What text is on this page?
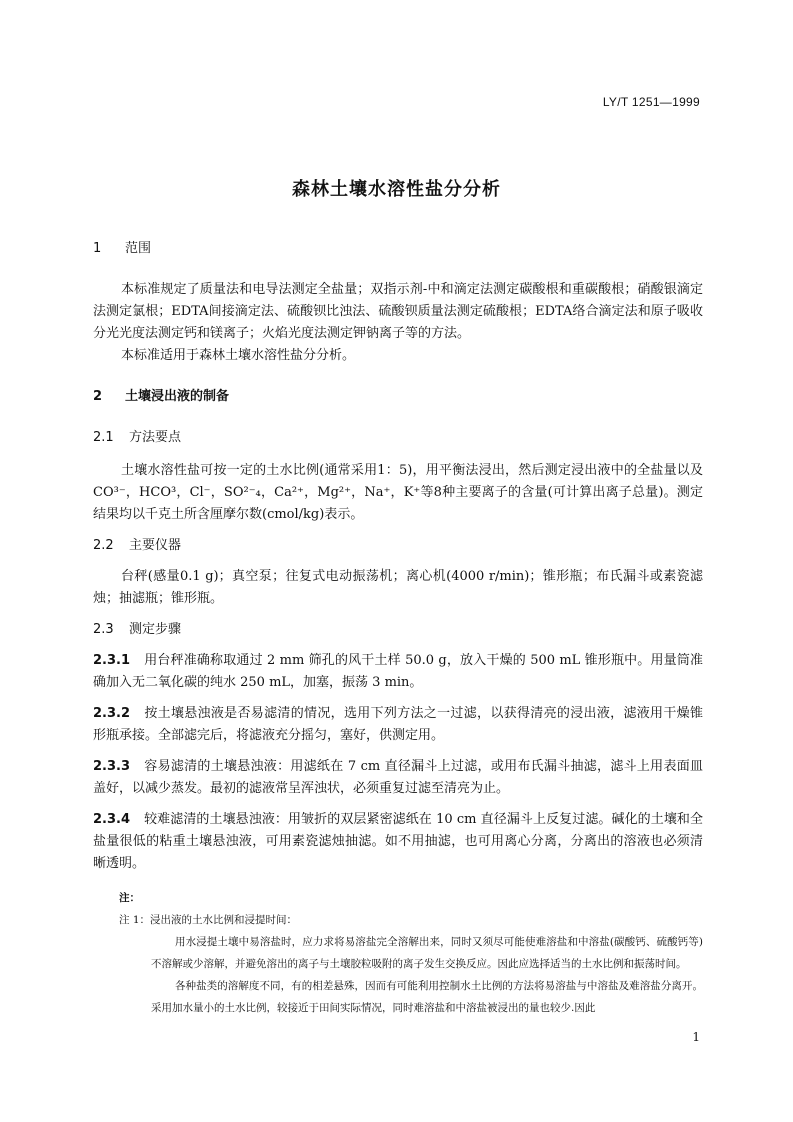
LY/T 1251—1999
森林土壤水溶性盐分分析
1 范围

本标准规定了质量法和电导法测定全盐量；双指示剂-中和滴定法测定碳酸根和重碳酸根；硝酸银滴定法测定氯根；EDTA间接滴定法、硫酸钡比浊法、硫酸钡质量法测定硫酸根；EDTA络合滴定法和原子吸收分光光度法测定钙和镁离子；火焰光度法测定钾钠离子等的方法。

本标准适用于森林土壤水溶性盐分分析。

2 土壤浸出液的制备
2.1 方法要点

土壤水溶性盐可按一定的土水比例(通常采用1：5)，用平衡法浸出，然后测定浸出液中的全盐量以及CO³⁻，HCO³，Cl⁻，SO²⁻₄，Ca²⁺，Mg²⁺，Na⁺，K⁺等8种主要离子的含量(可计算出离子总量)。测定结果均以千克土所含厘摩尔数(cmol/kg)表示。

2.2 主要仪器

台秤(感量0.1 g)；真空泵；往复式电动振荡机；离心机(4000 r/min)；锥形瓶；布氏漏斗或素瓷滤烛；抽滤瓶；锥形瓶。

2.3 测定步骤

2.3.1 用台秤准确称取通过 2 mm 筛孔的风干土样 50.0 g，放入干燥的 500 mL 锥形瓶中。用量筒准确加入无二氧化碳的纯水 250 mL，加塞，振荡 3 min。

2.3.2 按土壤悬浊液是否易滤清的情况，选用下列方法之一过滤，以获得清亮的浸出液，滤液用干燥锥形瓶承接。全部滤完后，将滤液充分摇匀，塞好，供测定用。

2.3.3 容易滤清的土壤悬浊液：用滤纸在 7 cm 直径漏斗上过滤，或用布氏漏斗抽滤，滤斗上用表面皿盖好，以减少蒸发。最初的滤液常呈浑浊状，必须重复过滤至清亮为止。

2.3.4 较难滤清的土壤悬浊液：用皱折的双层紧密滤纸在 10 cm 直径漏斗上反复过滤。碱化的土壤和全盐量很低的粘重土壤悬浊液，可用素瓷滤烛抽滤。如不用抽滤，也可用离心分离，分离出的溶液也必须清晰透明。

注：
注 1：浸出液的土水比例和浸提时间：
用水浸提土壤中易溶盐时，应力求将易溶盐完全溶解出来，同时又须尽可能使难溶盐和中溶盐(碳酸钙、硫酸钙等)不溶解或少溶解，并避免溶出的离子与土壤胶粒吸附的离子发生交换反应。因此应选择适当的土水比例和振荡时间。
各种盐类的溶解度不同，有的相差悬殊，因而有可能利用控制水土比例的方法将易溶盐与中溶盐及难溶盐分离开。采用加水量小的土水比例，较接近于田间实际情况，同时难溶盐和中溶盐被浸出的量也较少.因此
1
